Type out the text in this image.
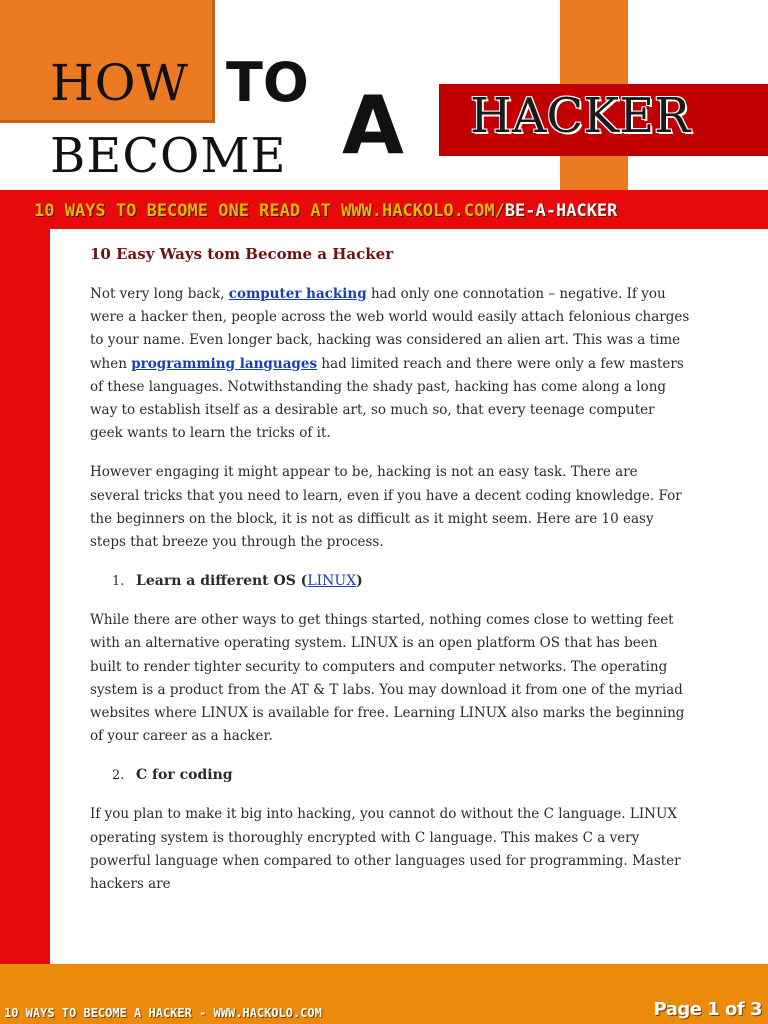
HOW TO
BECOME A HACKER
10 WAYS TO BECOME ONE READ AT WWW.HACKOLO.COM/BE-A-HACKER
10 Easy Ways tom Become a Hacker

Not very long back, computer hacking had only one connotation – negative. If you were a hacker then, people across the web world would easily attach felonious charges to your name. Even longer back, hacking was considered an alien art. This was a time when programming languages had limited reach and there were only a few masters of these languages. Notwithstanding the shady past, hacking has come along a long way to establish itself as a desirable art, so much so, that every teenage computer geek wants to learn the tricks of it.

However engaging it might appear to be, hacking is not an easy task. There are several tricks that you need to learn, even if you have a decent coding knowledge. For the beginners on the block, it is not as difficult as it might seem. Here are 10 easy steps that breeze you through the process.

1. Learn a different OS (LINUX)

While there are other ways to get things started, nothing comes close to wetting feet with an alternative operating system. LINUX is an open platform OS that has been built to render tighter security to computers and computer networks. The operating system is a product from the AT & T labs. You may download it from one of the myriad websites where LINUX is available for free. Learning LINUX also marks the beginning of your career as a hacker.

2. C for coding

If you plan to make it big into hacking, you cannot do without the C language. LINUX operating system is thoroughly encrypted with C language. This makes C a very powerful language when compared to other languages used for programming. Master hackers are

10 WAYS TO BECOME A HACKER - WWW.HACKOLO.COM	Page 1 of 3
